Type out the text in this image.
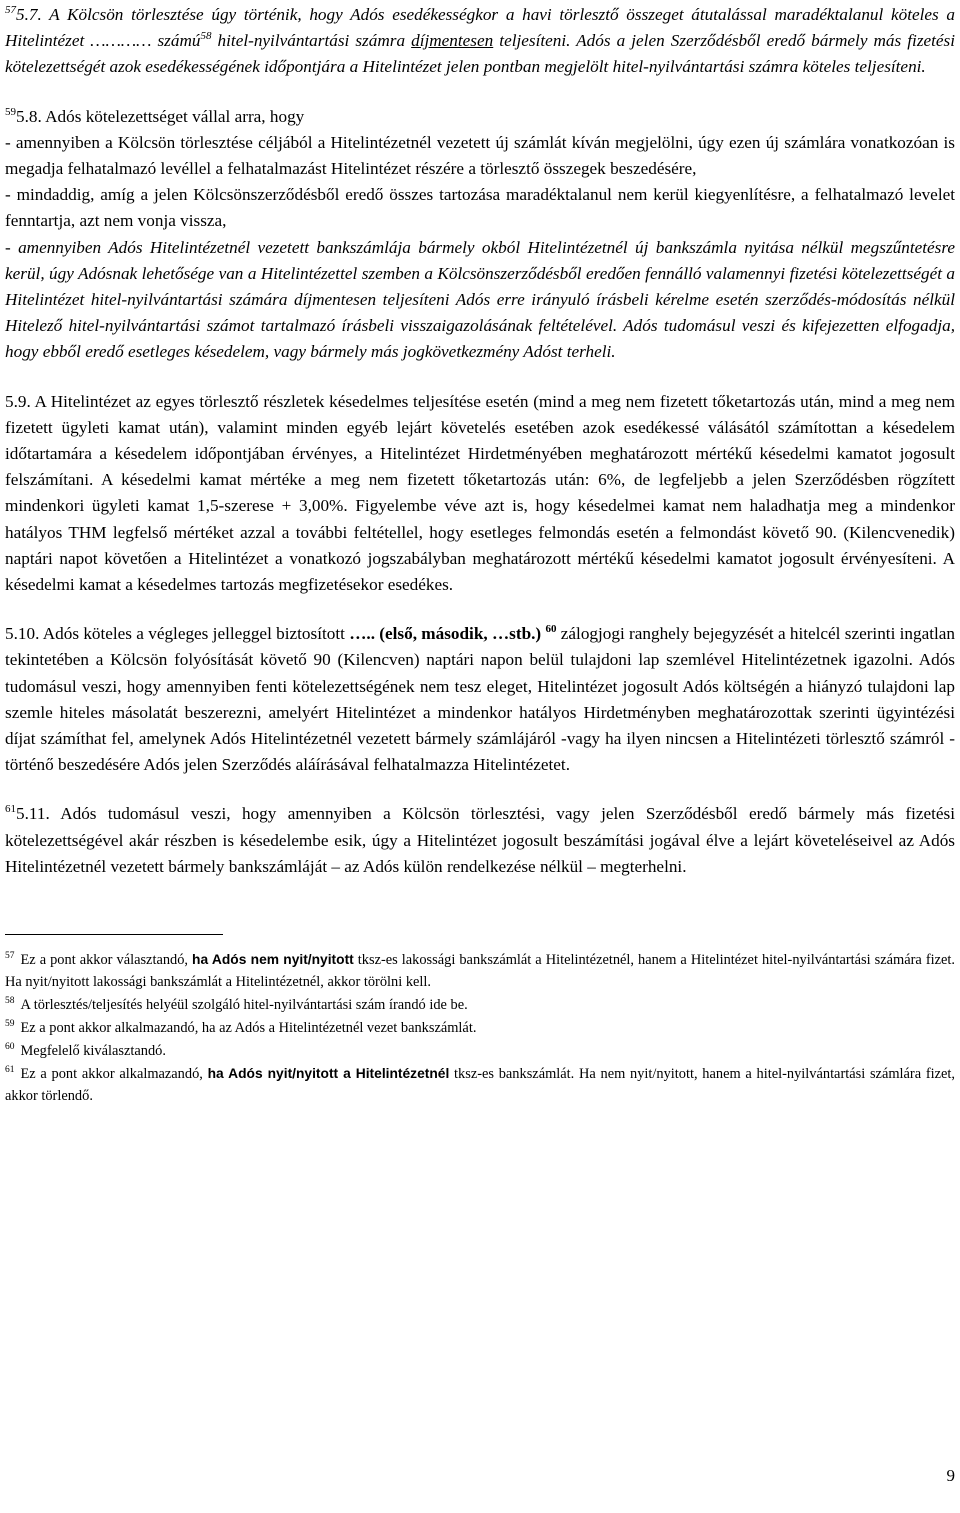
$^{57}$5.7. A Kölcsön törlesztése úgy történik, hogy Adós esedékességkor a havi törlesztő összeget átutalással maradéktalanul köteles a Hitelintézet ………… számú$^{58}$ hitel-nyilvántartási számra díjmentesen teljesíteni. Adós a jelen Szerződésből eredő bármely más fizetési kötelezettségét azok esedékességének időpontjára a Hitelintézet jelen pontban megjelölt hitel-nyilvántartási számra köteles teljesíteni.

$^{59}$5.8. Adós kötelezettséget vállal arra, hogy
- amennyiben a Kölcsön törlesztése céljából a Hitelintézetnél vezetett új számlát kíván megjelölni, úgy ezen új számlára vonatkozóan is megadja felhatalmazó levéllel a felhatalmazást Hitelintézet részére a törlesztő összegek beszedésére,
- mindaddig, amíg a jelen Kölcsönszerződésből eredő összes tartozása maradéktalanul nem kerül kiegyenlítésre, a felhatalmazó levelet fenntartja, azt nem vonja vissza,
- amennyiben Adós Hitelintézetnél vezetett bankszámlája bármely okból Hitelintézetnél új bankszámla nyitása nélkül megszűntetésre kerül, úgy Adósnak lehetősége van a Hitelintézettel szemben a Kölcsönszerződésből eredően fennálló valamennyi fizetési kötelezettségét a Hitelintézet hitel-nyilvántartási számára díjmentesen teljesíteni Adós erre irányuló írásbeli kérelme esetén szerződés-módosítás nélkül Hitelező hitel-nyilvántartási számot tartalmazó írásbeli visszaigazolásának feltételével. Adós tudomásul veszi és kifejezetten elfogadja, hogy ebből eredő esetleges késedelem, vagy bármely más jogkövetkezmény Adóst terheli.

5.9. A Hitelintézet az egyes törlesztő részletek késedelmes teljesítése esetén (mind a meg nem fizetett tőketartozás után, mind a meg nem fizetett ügyleti kamat után), valamint minden egyéb lejárt követelés esetében azok esedékessé válásától számítottan a késedelem időtartamára a késedelem időpontjában érvényes, a Hitelintézet Hirdetményében meghatározott mértékű késedelmi kamatot jogosult felszámítani. A késedelmi kamat mértéke a meg nem fizetett tőketartozás után: 6%, de legfeljebb a jelen Szerződésben rögzített mindenkori ügyleti kamat 1,5-szerese + 3,00%. Figyelembe véve azt is, hogy késedelmei kamat nem haladhatja meg a mindenkor hatályos THM legfelső mértéket azzal a további feltétellel, hogy esetleges felmondás esetén a felmondást követő 90. (Kilencvenedik) naptári napot követően a Hitelintézet a vonatkozó jogszabályban meghatározott mértékű késedelmi kamatot jogosult érvényesíteni. A késedelmi kamat a késedelmes tartozás megfizetésekor esedékes.

5.10. Adós köteles a végleges jelleggel biztosított ….. (első, második, …stb.) $^{60}$ zálogjogi ranghely bejegyzését a hitelcél szerinti ingatlan tekintetében a Kölcsön folyósítását követő 90 (Kilencven) naptári napon belül tulajdoni lap szemlével Hitelintézetnek igazolni. Adós tudomásul veszi, hogy amennyiben fenti kötelezettségének nem tesz eleget, Hitelintézet jogosult Adós költségén a hiányzó tulajdoni lap szemle hiteles másolatát beszerezni, amelyért Hitelintézet a mindenkor hatályos Hirdetményben meghatározottak szerinti ügyintézési díjat számíthat fel, amelynek Adós Hitelintézetnél vezetett bármely számlájáról -vagy ha ilyen nincsen a Hitelintézeti törlesztő számról - történő beszedésére Adós jelen Szerződés aláírásával felhatalmazza Hitelintézetet.

$^{61}$5.11. Adós tudomásul veszi, hogy amennyiben a Kölcsön törlesztési, vagy jelen Szerződésből eredő bármely más fizetési kötelezettségével akár részben is késedelembe esik, úgy a Hitelintézet jogosult beszámítási jogával élve a lejárt követeléseivel az Adós Hitelintézetnél vezetett bármely bankszámláját – az Adós külön rendelkezése nélkül – megterhelni.

$^{57}$ Ez a pont akkor választandó, ha Adós nem nyit/nyitott tksz-es lakossági bankszámlát a Hitelintézetnél, hanem a Hitelintézet hitel-nyilvántartási számára fizet. Ha nyit/nyitott lakossági bankszámlát a Hitelintézetnél, akkor törölni kell.

$^{58}$ A törlesztés/teljesítés helyéül szolgáló hitel-nyilvántartási szám írandó ide be.

$^{59}$ Ez a pont akkor alkalmazandó, ha az Adós a Hitelintézetnél vezet bankszámlát.

$^{60}$ Megfelelő kiválasztandó.

$^{61}$ Ez a pont akkor alkalmazandó, ha Adós nyit/nyitott a Hitelintézetnél tksz-es bankszámlát. Ha nem nyit/nyitott, hanem a hitel-nyilvántartási számlára fizet, akkor törlendő.

9
